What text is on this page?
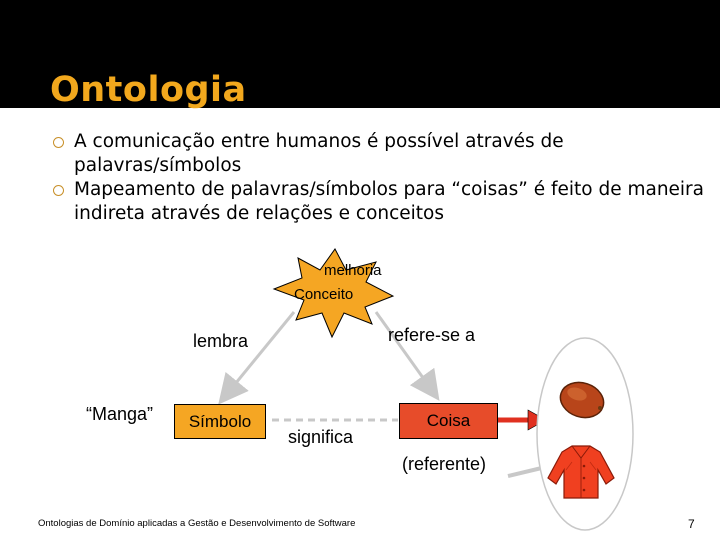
Ontologia
A comunicação entre humanos é possível através de palavras/símbolos
Mapeamento de palavras/símbolos para “coisas” é feito de maneira indireta através de relações e conceitos
melhoria
Conceito
lembra	refere-se a
significa
“Manga” Símbolo	Coisa
(referente)
Ontologias de Domínio aplicadas a Gestão e Desenvolvimento de Software	7
